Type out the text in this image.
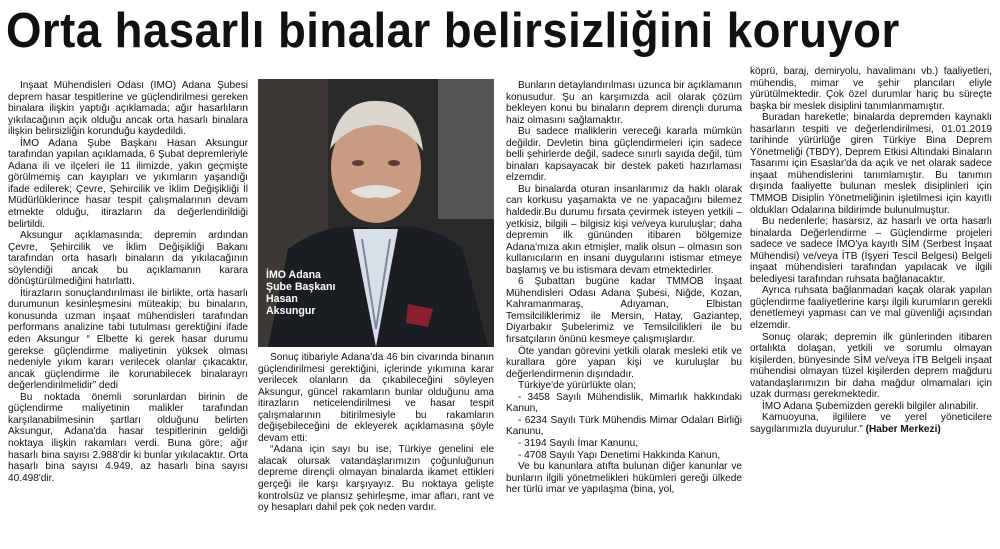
Orta hasarlı binalar belirsizliğini koruyor

İnşaat Mühendisleri Odası (İMO) Adana Şubesi deprem hasar tespitlerine ve güçlendirilmesi gereken binalara ilişkin yaptığı açıklamada; ağır hasarlıların yıkılacağının açık olduğu ancak orta hasarlı binalara ilişkin belirsizliğin korunduğu kaydedildi.

İMO Adana Şube Başkanı Hasan Aksungur tarafından yapılan açıklamada, 6 Şubat depremleriyle Adana ili ve ilçeleri ile 11 ilimizde, yakın geçmişte görülmemiş can kayıpları ve yıkımların yaşandığı ifade edilerek; Çevre, Şehircilik ve İklim Değişikliği İl Müdürlüklerince hasar tespit çalışmalarının devam etmekte olduğu, itirazların da değerlendirildiği belirtildi.

Aksungur açıklamasında; depremin ardından Çevre, Şehircilik ve İklim Değişikliği Bakanı tarafından orta hasarlı binaların da yıkılacağının söylendiği ancak bu açıklamanın karara dönüştürülmediğini hatırlattı.

İtirazların sonuçlandırılması ile birlikte, orta hasarlı durumunun kesinleşmesini müteakip; bu binaların, konusunda uzman inşaat mühendisleri tarafından performans analizine tabi tutulması gerektiğini ifade eden Aksungur “ Elbette ki gerek hasar durumu gerekse güçlendirme maliyetinin yüksek olması nedeniyle yıkım kararı verilecek olanlar çıkacaktır, ancak güçlendirme ile korunabilecek binalarayrı değerlendirilmelidir” dedi

Bu noktada önemli sorunlardan birinin de güçlendirme maliyetinin malikler tarafından karşılanabilmesinin şartları olduğunu belirten Aksungur, Adana'da hasar tespitlerinin geldiği noktaya ilişkin rakamları verdi. Buna göre; ağır hasarlı bina sayısı 2.988'dir ki bunlar yıkılacaktır. Orta hasarlı bina sayısı 4.949, az hasarlı bina sayısı 40.498'dir.

İMO Adana
Şube Başkanı
Hasan
Aksungur

Sonuç itibariyle Adana'da 46 bin civarında binanın güçlendirilmesi gerektiğini, içlerinde yıkımına karar verilecek olanların da çıkabileceğini söyleyen Aksungur, güncel rakamların bunlar olduğunu ama itirazların neticelendirilmesi ve hasar tespit çalışmalarının bitirilmesiyle bu rakamların değişebileceğini de ekleyerek açıklamasına şöyle devam etti:

“Adana için sayı bu ise, Türkiye genelini ele alacak olursak vatandaşlarımızın çoğunluğunun depreme dirençli olmayan binalarda ikamet ettikleri gerçeği ile karşı karşıyayız. Bu noktaya gelişte kontrolsüz ve plansız şehirleşme, imar afları, rant ve oy hesapları dahil pek çok neden vardır.

Bunların detaylandırılması uzunca bir açıklamanın konusudur. Şu an karşımızda acil olarak çözüm bekleyen konu bu binaların deprem dirençli duruma haiz olmasını sağlamaktır.

Bu sadece maliklerin vereceği kararla mümkün değildir. Devletin bina güçlendirmeleri için sadece belli şehirlerde değil, sadece sınırlı sayıda değil, tüm binaları kapsayacak bir destek paketi hazırlaması elzemdir.

Bu binalarda oturan insanlarımız da haklı olarak can korkusu yaşamakta ve ne yapacağını bilemez haldedir.Bu durumu fırsata çevirmek isteyen yetkili – yetkisiz, bilgili – bilgisiz kişi ve/veya kuruluşlar; daha depremin ilk gününden itibaren bölgemize Adana'mıza akın etmişler, malik olsun – olmasın son kullanıcıların en insani duygularını istismar etmeye başlamış ve bu istismara devam etmektedirler.

6 Şubattan bugüne kadar TMMOB İnşaat Mühendisleri Odası Adana Şubesi, Niğde, Kozan, Kahramanmaraş, Adıyaman, Elbistan Temsilciliklerimiz ile Mersin, Hatay, Gaziantep, Diyarbakır Şubelerimiz ve Temsilcilikleri ile bu fırsatçıların önünü kesmeye çalışmışlardır.

Öte yandan görevini yetkili olarak mesleki etik ve kurallara göre yapan kişi ve kuruluşlar bu değerlendirmenin dışındadır.

Türkiye'de yürürlükte olan;

- 3458 Sayılı Mühendislik, Mimarlık hakkındaki Kanun,

- 6234 Sayılı Türk Mühendis Mimar Odaları Birliği Kanunu,

- 3194 Sayılı İmar Kanunu,

- 4708 Sayılı Yapı Denetimi Hakkında Kanun,

Ve bu kanunlara atıfta bulunan diğer kanunlar ve bunların ilgili yönetmelikleri hükümleri gereği ülkede her türlü imar ve yapılaşma (bina, yol,

köprü, baraj, demiryolu, havalimanı vb.) faaliyetleri, mühendis, mimar ve şehir plancıları eliyle yürütülmektedir. Çok özel durumlar hariç bu süreçte başka bir meslek disiplini tanımlanmamıştır.

Buradan hareketle; binalarda depremden kaynaklı hasarların tespiti ve değerlendirilmesi, 01.01.2019 tarihinde yürürlüğe giren Türkiye Bina Deprem Yönetmeliği (TBDY), Deprem Etkisi Altındaki Binaların Tasarımı için Esaslar'da da açık ve net olarak sadece inşaat mühendislerini tanımlamıştır. Bu tanımın dışında faaliyette bulunan meslek disiplinleri için TMMOB Disiplin Yönetmeliğinin işletilmesi için kayıtlı oldukları Odalarına bildirimde bulunulmuştur.

Bu nedenlerle; hasarsız, az hasarlı ve orta hasarlı binalarda Değerlendirme – Güçlendirme projeleri sadece ve sadece İMO'ya kayıtlı SİM (Serbest İnşaat Mühendisi) ve/veya İTB (İşyeri Tescil Belgesi) Belgeli inşaat mühendisleri tarafından yapılacak ve ilgili belediyesi tarafından ruhsata bağlanacaktır.

Ayrıca ruhsata bağlanmadan kaçak olarak yapılan güçlendirme faaliyetlerine karşı ilgili kurumların gerekli denetlemeyi yapması can ve mal güvenliği açısından elzemdir.

Sonuç olarak; depremin ilk günlerinden itibaren ortalıkta dolaşan, yetkili ve sorumlu olmayan kişilerden, bünyesinde SİM ve/veya İTB Belgeli inşaat mühendisi olmayan tüzel kişilerden deprem mağduru vatandaşlarımızın bir daha mağdur olmamaları için uzak durması gerekmektedir.

İMO Adana Şubemizden gerekli bilgiler alınabilir.

Kamuoyuna, ilgililere ve yerel yöneticilere saygılarımızla duyurulur.” (Haber Merkezi)
